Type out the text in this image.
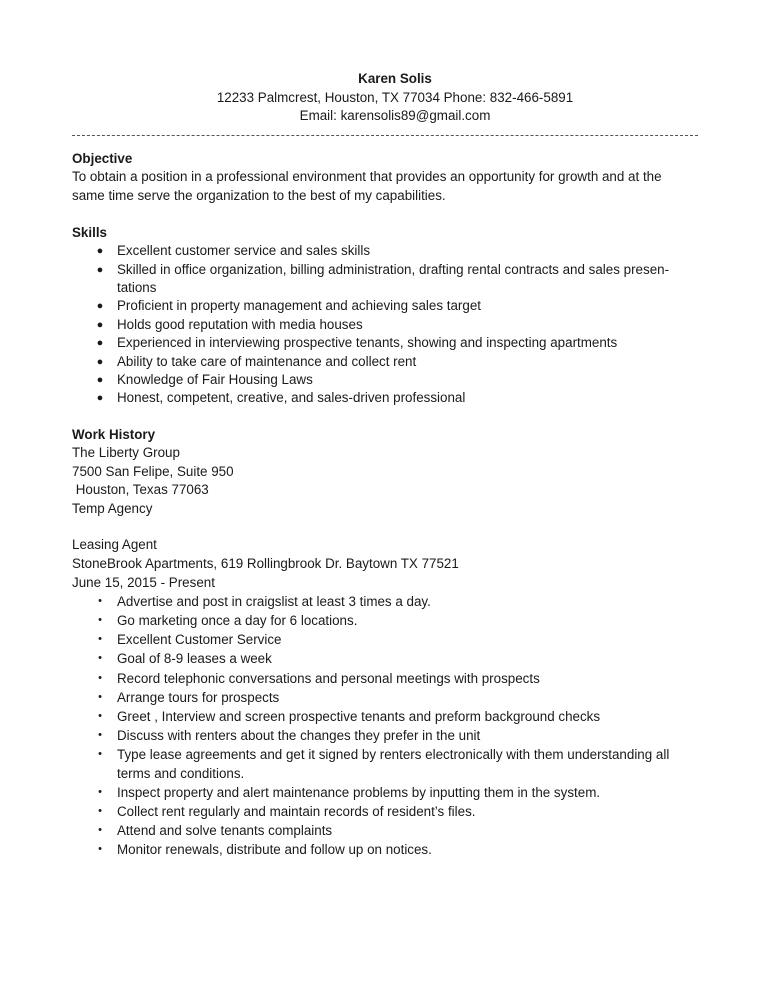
Karen Solis

12233 Palmcrest, Houston, TX 77034 Phone: 832-466-5891

Email: karensolis89@gmail.com

Objective

To obtain a position in a professional environment that provides an opportunity for growth and at the same time serve the organization to the best of my capabilities.

Skills

● Excellent customer service and sales skills
● Skilled in office organization, billing administration, drafting rental contracts and sales presen-tations
● Proficient in property management and achieving sales target
● Holds good reputation with media houses
● Experienced in interviewing prospective tenants, showing and inspecting apartments
● Ability to take care of maintenance and collect rent
● Knowledge of Fair Housing Laws
● Honest, competent, creative, and sales-driven professional

Work History

The Liberty Group

7500 San Felipe, Suite 950

Houston, Texas 77063

Temp Agency

Leasing Agent

StoneBrook Apartments, 619 Rollingbrook Dr. Baytown TX 77521

June 15, 2015 - Present

•	Advertise and post in craigslist at least 3 times a day.
•	Go marketing once a day for 6 locations.
•	Excellent Customer Service
•	Goal of 8-9 leases a week
•	Record telephonic conversations and personal meetings with prospects
•	Arrange tours for prospects
•	Greet , Interview and screen prospective tenants and preform background checks
•	Discuss with renters about the changes they prefer in the unit
•	Type lease agreements and get it signed by renters electronically with them understanding all terms and conditions.
•	Inspect property and alert maintenance problems by inputting them in the system.
•	Collect rent regularly and maintain records of resident’s files.
•	Attend and solve tenants complaints
•	Monitor renewals, distribute and follow up on notices.
